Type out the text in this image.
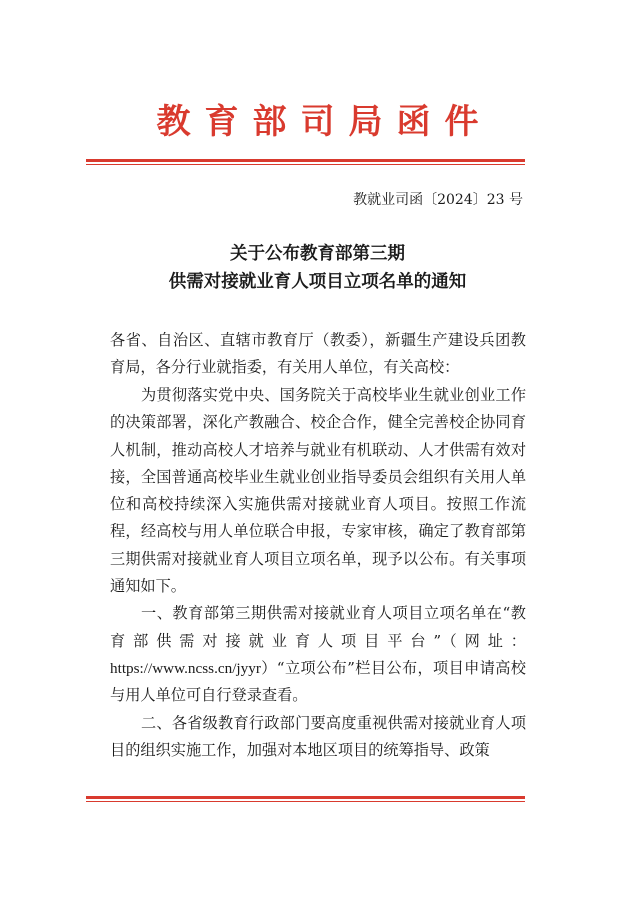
教育部司局函件
教就业司函〔2024〕23 号
关于公布教育部第三期
供需对接就业育人项目立项名单的通知

各省、自治区、直辖市教育厅（教委），新疆生产建设兵团教育局，各分行业就指委，有关用人单位，有关高校：

为贯彻落实党中央、国务院关于高校毕业生就业创业工作的决策部署，深化产教融合、校企合作，健全完善校企协同育人机制，推动高校人才培养与就业有机联动、人才供需有效对接，全国普通高校毕业生就业创业指导委员会组织有关用人单位和高校持续深入实施供需对接就业育人项目。按照工作流程，经高校与用人单位联合申报，专家审核，确定了教育部第三期供需对接就业育人项目立项名单，现予以公布。有关事项通知如下。

一、教育部第三期供需对接就业育人项目立项名单在“教育部供需对接就业育人项目平台”（网址：https://www.ncss.cn/jyyr）“立项公布”栏目公布，项目申请高校与用人单位可自行登录查看。

二、各省级教育行政部门要高度重视供需对接就业育人项目的组织实施工作，加强对本地区项目的统筹指导、政策
